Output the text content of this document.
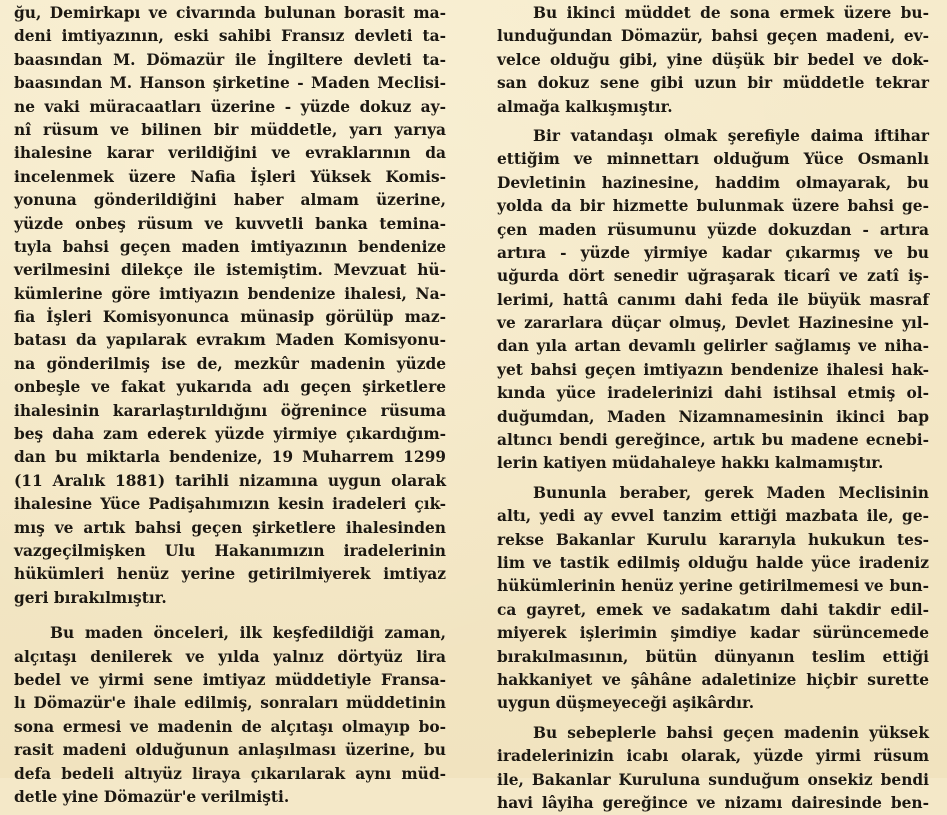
ğu, Demirkapı ve civarında bulunan borasit ma-
deni imtiyazının, eski sahibi Fransız devleti ta-
baasından M. Dömazür ile İngiltere devleti ta-
baasından M. Hanson şirketine - Maden Meclisi-
ne vaki müracaatları üzerine - yüzde dokuz ay-
nî rüsum ve bilinen bir müddetle, yarı yarıya
ihalesine karar verildiğini ve evraklarının da
incelenmek üzere Nafia İşleri Yüksek Komis-
yonuna gönderildiğini haber almam üzerine,
yüzde onbeş rüsum ve kuvvetli banka temina-
tıyla bahsi geçen maden imtiyazının bendenize
verilmesini dilekçe ile istemiştim. Mevzuat hü-
kümlerine göre imtiyazın bendenize ihalesi, Na-
fia İşleri Komisyonunca münasip görülüp maz-
batası da yapılarak evrakım Maden Komisyonu-
na gönderilmiş ise de, mezkûr madenin yüzde
onbeşle ve fakat yukarıda adı geçen şirketlere
ihalesinin kararlaştırıldığını öğrenince rüsuma
beş daha zam ederek yüzde yirmiye çıkardığım-
dan bu miktarla bendenize, 19 Muharrem 1299
(11 Aralık 1881) tarihli nizamına uygun olarak
ihalesine Yüce Padişahımızın kesin iradeleri çık-
mış ve artık bahsi geçen şirketlere ihalesinden
vazgeçilmişken Ulu Hakanımızın iradelerinin
hükümleri henüz yerine getirilmiyerek imtiyaz
geri bırakılmıştır.
Bu maden önceleri, ilk keşfedildiği zaman,
alçıtaşı denilerek ve yılda yalnız dörtyüz lira
bedel ve yirmi sene imtiyaz müddetiyle Fransa-
lı Dömazür'e ihale edilmiş, sonraları müddetinin
sona ermesi ve madenin de alçıtaşı olmayıp bo-
rasit madeni olduğunun anlaşılması üzerine, bu
defa bedeli altıyüz liraya çıkarılarak aynı müd-
detle yine Dömazür'e verilmişti.
Bu ikinci müddet de sona ermek üzere bu-
lunduğundan Dömazür, bahsi geçen madeni, ev-
velce olduğu gibi, yine düşük bir bedel ve dok-
san dokuz sene gibi uzun bir müddetle tekrar
almağa kalkışmıştır.
Bir vatandaşı olmak şerefiyle daima iftihar
ettiğim ve minnettarı olduğum Yüce Osmanlı
Devletinin hazinesine, haddim olmayarak, bu
yolda da bir hizmette bulunmak üzere bahsi ge-
çen maden rüsumunu yüzde dokuzdan - artıra
artıra - yüzde yirmiye kadar çıkarmış ve bu
uğurda dört senedir uğraşarak ticarî ve zatî iş-
lerimi, hattâ canımı dahi feda ile büyük masraf
ve zararlara düçar olmuş, Devlet Hazinesine yıl-
dan yıla artan devamlı gelirler sağlamış ve niha-
yet bahsi geçen imtiyazın bendenize ihalesi hak-
kında yüce iradelerinizi dahi istihsal etmiş ol-
duğumdan, Maden Nizamnamesinin ikinci bap
altıncı bendi gereğince, artık bu madene ecnebi-
lerin katiyen müdahaleye hakkı kalmamıştır.
Bununla beraber, gerek Maden Meclisinin
altı, yedi ay evvel tanzim ettiği mazbata ile, ge-
rekse Bakanlar Kurulu kararıyla hukukun tes-
lim ve tastik edilmiş olduğu halde yüce iradeniz
hükümlerinin henüz yerine getirilmemesi ve bun-
ca gayret, emek ve sadakatım dahi takdir edil-
miyerek işlerimin şimdiye kadar sürüncemede
bırakılmasının, bütün dünyanın teslim ettiği
hakkaniyet ve şâhâne adaletinize hiçbir surette
uygun düşmeyeceği aşikârdır.
Bu sebeplerle bahsi geçen madenin yüksek
iradelerinizin icabı olarak, yüzde yirmi rüsum
ile, Bakanlar Kuruluna sunduğum onsekiz bendi
havi lâyiha gereğince ve nizamı dairesinde ben-
